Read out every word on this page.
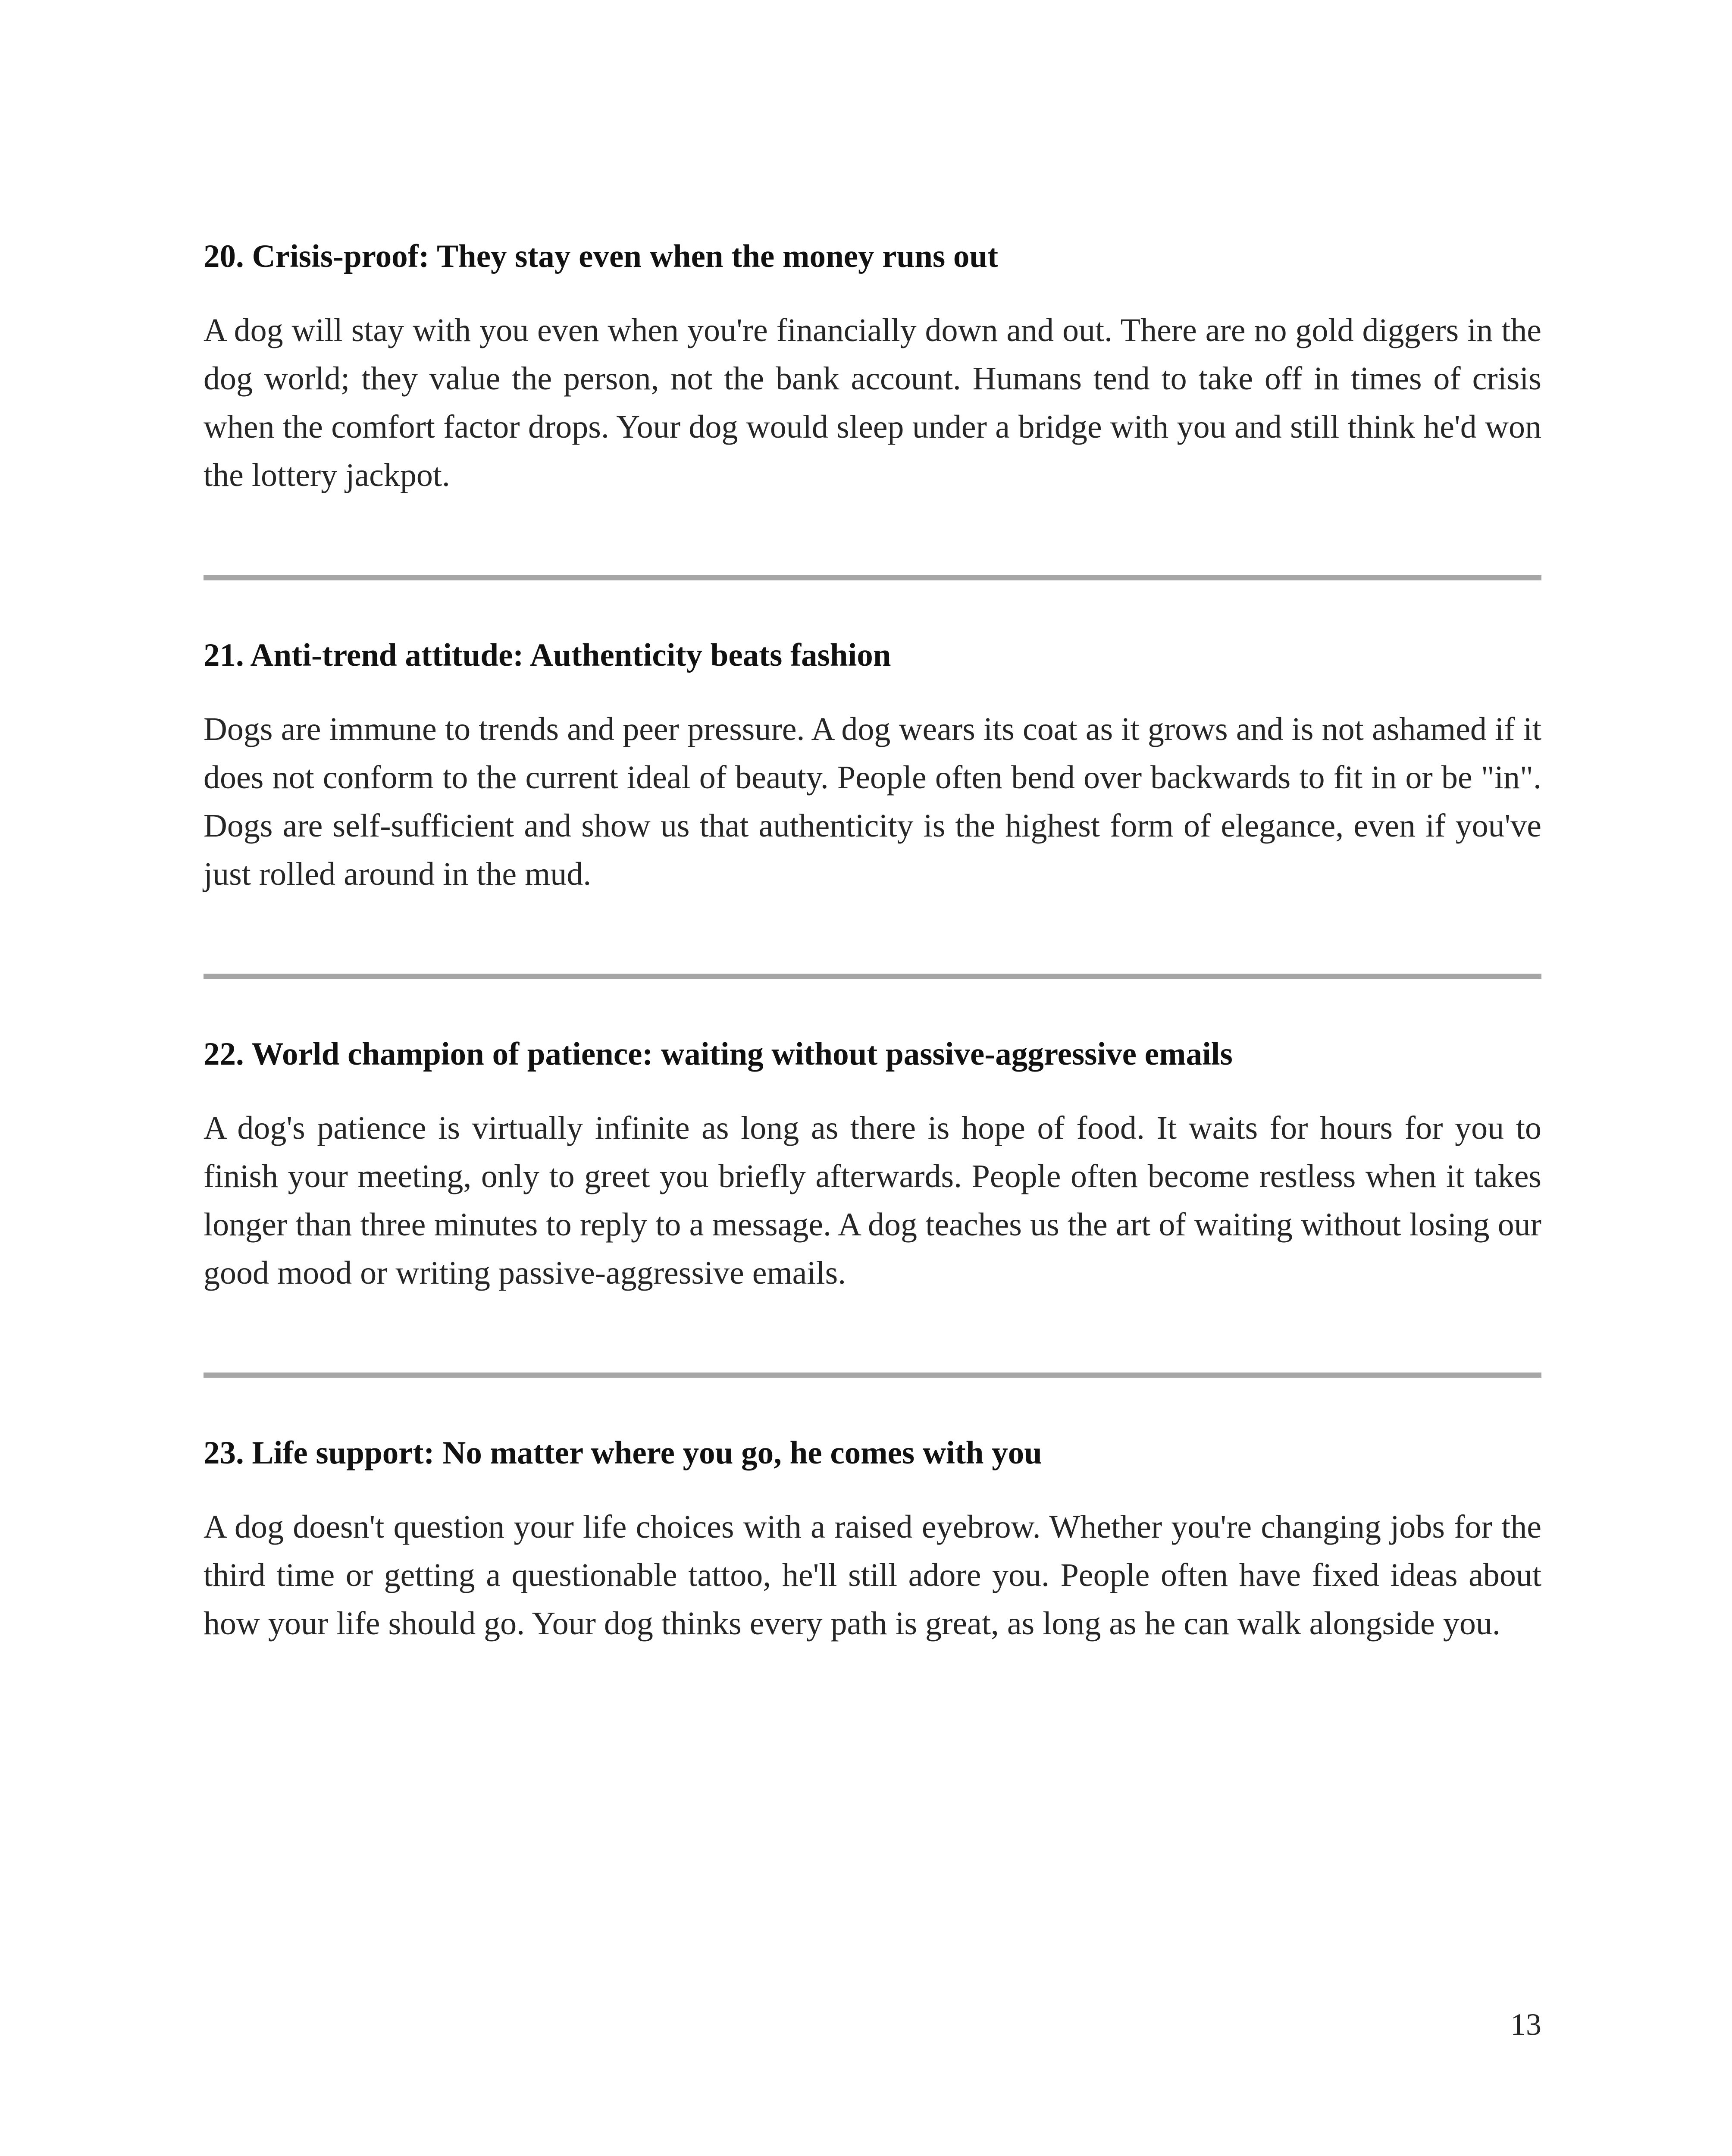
20. Crisis-proof: They stay even when the money runs out

A dog will stay with you even when you're financially down and out. There are no gold diggers in the dog world; they value the person, not the bank account. Humans tend to take off in times of crisis when the comfort factor drops. Your dog would sleep under a bridge with you and still think he'd won the lottery jackpot.

21. Anti-trend attitude: Authenticity beats fashion

Dogs are immune to trends and peer pressure. A dog wears its coat as it grows and is not ashamed if it does not conform to the current ideal of beauty. People often bend over backwards to fit in or be "in". Dogs are self-sufficient and show us that authenticity is the highest form of elegance, even if you've just rolled around in the mud.

22. World champion of patience: waiting without passive-aggressive emails

A dog's patience is virtually infinite as long as there is hope of food. It waits for hours for you to finish your meeting, only to greet you briefly afterwards. People often become restless when it takes longer than three minutes to reply to a message. A dog teaches us the art of waiting without losing our good mood or writing passive-aggressive emails.

23. Life support: No matter where you go, he comes with you

A dog doesn't question your life choices with a raised eyebrow. Whether you're changing jobs for the third time or getting a questionable tattoo, he'll still adore you. People often have fixed ideas about how your life should go. Your dog thinks every path is great, as long as he can walk alongside you.

13
